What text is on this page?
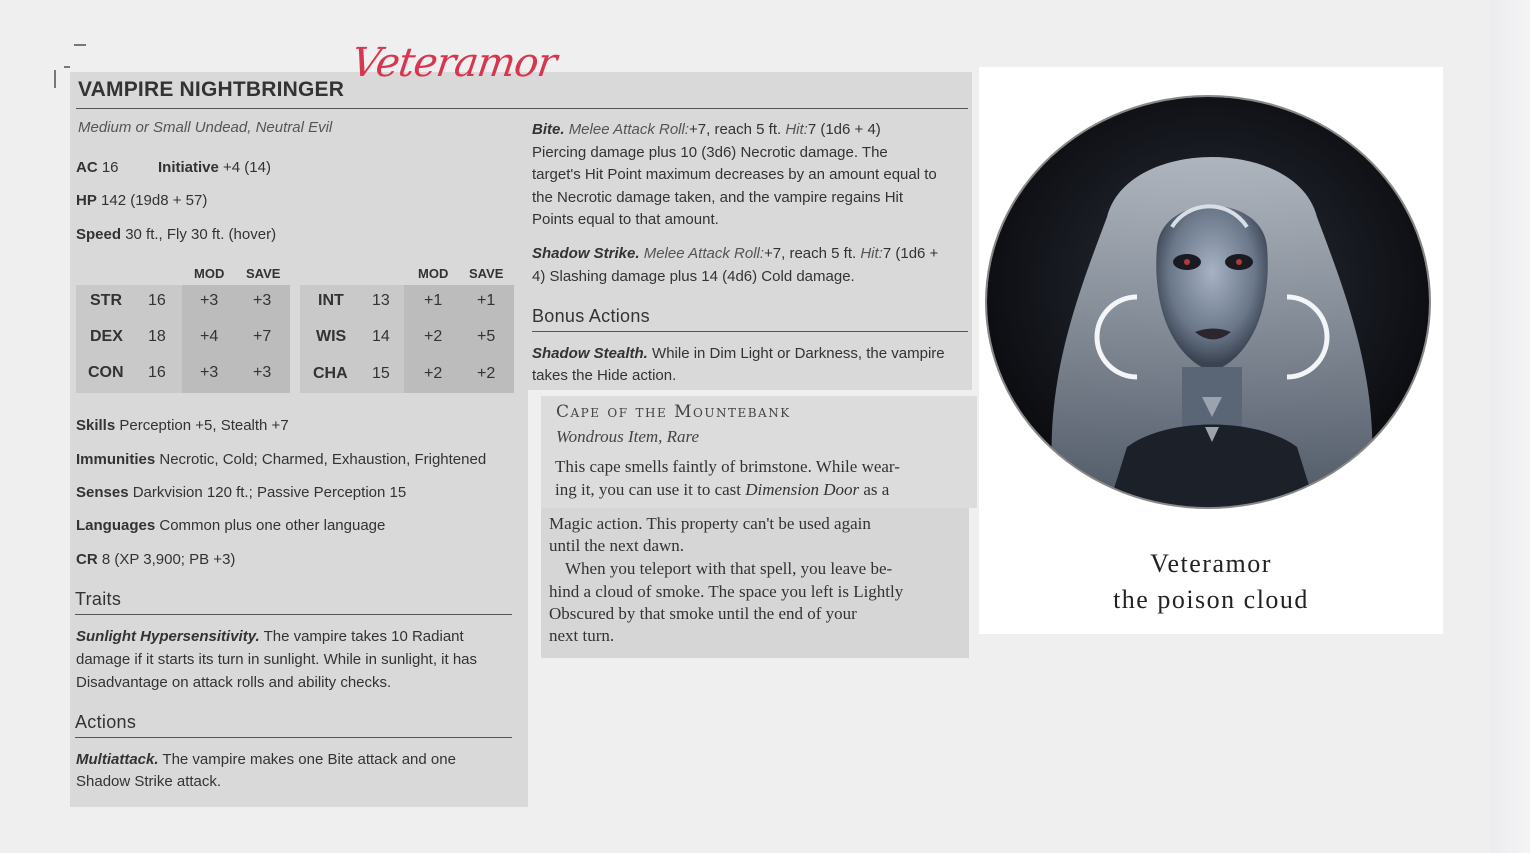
VAMPIRE NIGHTBRINGER
Veteramor
Medium or Small Undead, Neutral Evil
AC 16	Initiative +4 (14)
HP 142 (19d8 + 57)
Speed 30 ft., Fly 30 ft. (hover)
MOD SAVE	MOD SAVE
STR 16 +3 +3
DEX 18 +4 +7
CON 16 +3 +3
INT 13 +1 +1
WIS 14 +2 +5
CHA 15 +2 +2
Skills Perception +5, Stealth +7
Immunities Necrotic, Cold; Charmed, Exhaustion, Frightened
Senses Darkvision 120 ft.; Passive Perception 15
Languages Common plus one other language
CR 8 (XP 3,900; PB +3)
Traits
Sunlight Hypersensitivity. The vampire takes 10 Radiant
damage if it starts its turn in sunlight. While in sunlight, it has
Disadvantage on attack rolls and ability checks.
Actions
Multiattack. The vampire makes one Bite attack and one
Shadow Strike attack.
Bite. Melee Attack Roll:+7, reach 5 ft. Hit:7 (1d6 + 4)
Piercing damage plus 10 (3d6) Necrotic damage. The
target's Hit Point maximum decreases by an amount equal to
the Necrotic damage taken, and the vampire regains Hit
Points equal to that amount.
Shadow Strike. Melee Attack Roll:+7, reach 5 ft. Hit:7 (1d6 +
4) Slashing damage plus 14 (4d6) Cold damage.
Bonus Actions
Shadow Stealth. While in Dim Light or Darkness, the vampire
takes the Hide action.
Cape of the Mountebank
Wondrous Item, Rare
This cape smells faintly of brimstone. While wear-
ing it, you can use it to cast Dimension Door as a
Magic action. This property can't be used again
until the next dawn.
When you teleport with that spell, you leave be-
hind a cloud of smoke. The space you left is Lightly
Obscured by that smoke until the end of your
next turn.
Veteramor
the poison cloud
